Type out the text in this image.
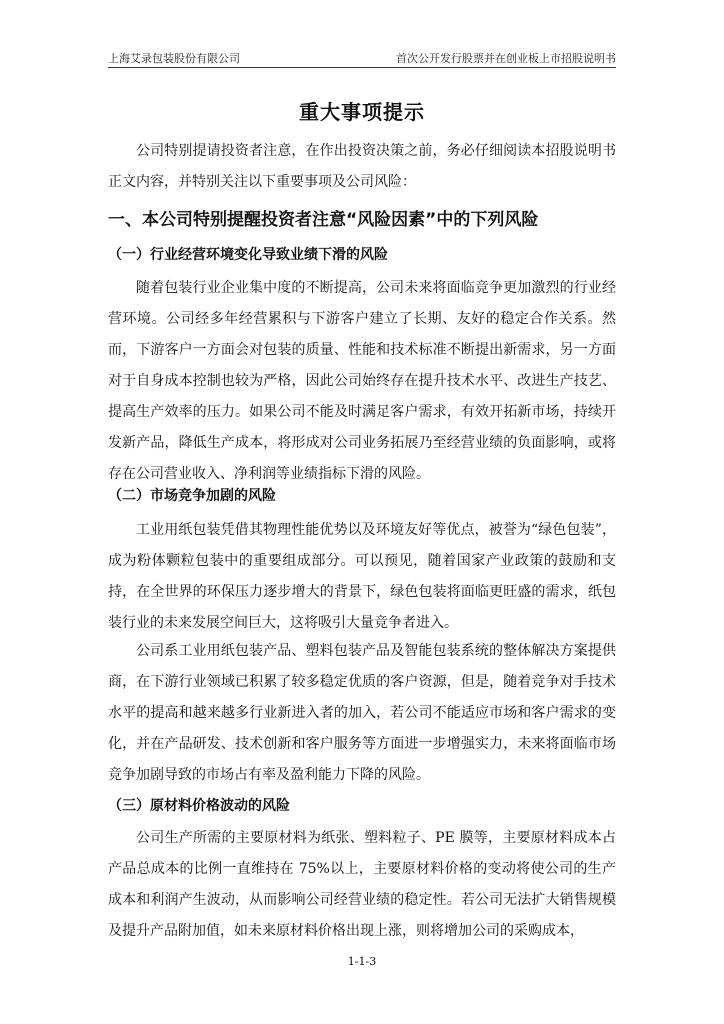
上海艾录包装股份有限公司	首次公开发行股票并在创业板上市招股说明书
重大事项提示

公司特别提请投资者注意，在作出投资决策之前，务必仔细阅读本招股说明书正文内容，并特别关注以下重要事项及公司风险：

一、本公司特别提醒投资者注意“风险因素”中的下列风险

（一）行业经营环境变化导致业绩下滑的风险

随着包装行业企业集中度的不断提高，公司未来将面临竞争更加激烈的行业经营环境。公司经多年经营累积与下游客户建立了长期、友好的稳定合作关系。然而，下游客户一方面会对包装的质量、性能和技术标准不断提出新需求，另一方面对于自身成本控制也较为严格，因此公司始终存在提升技术水平、改进生产技艺、提高生产效率的压力。如果公司不能及时满足客户需求，有效开拓新市场，持续开发新产品，降低生产成本，将形成对公司业务拓展乃至经营业绩的负面影响，或将存在公司营业收入、净利润等业绩指标下滑的风险。

（二）市场竞争加剧的风险

工业用纸包装凭借其物理性能优势以及环境友好等优点，被誉为“绿色包装”，成为粉体颗粒包装中的重要组成部分。可以预见，随着国家产业政策的鼓励和支持，在全世界的环保压力逐步增大的背景下，绿色包装将面临更旺盛的需求，纸包装行业的未来发展空间巨大，这将吸引大量竞争者进入。

公司系工业用纸包装产品、塑料包装产品及智能包装系统的整体解决方案提供商，在下游行业领域已积累了较多稳定优质的客户资源，但是，随着竞争对手技术水平的提高和越来越多行业新进入者的加入，若公司不能适应市场和客户需求的变化，并在产品研发、技术创新和客户服务等方面进一步增强实力，未来将面临市场竞争加剧导致的市场占有率及盈利能力下降的风险。

（三）原材料价格波动的风险

公司生产所需的主要原材料为纸张、塑料粒子、PE 膜等，主要原材料成本占产品总成本的比例一直维持在 75%以上，主要原材料价格的变动将使公司的生产成本和利润产生波动，从而影响公司经营业绩的稳定性。若公司无法扩大销售规模及提升产品附加值，如未来原材料价格出现上涨，则将增加公司的采购成本，

1-1-3
